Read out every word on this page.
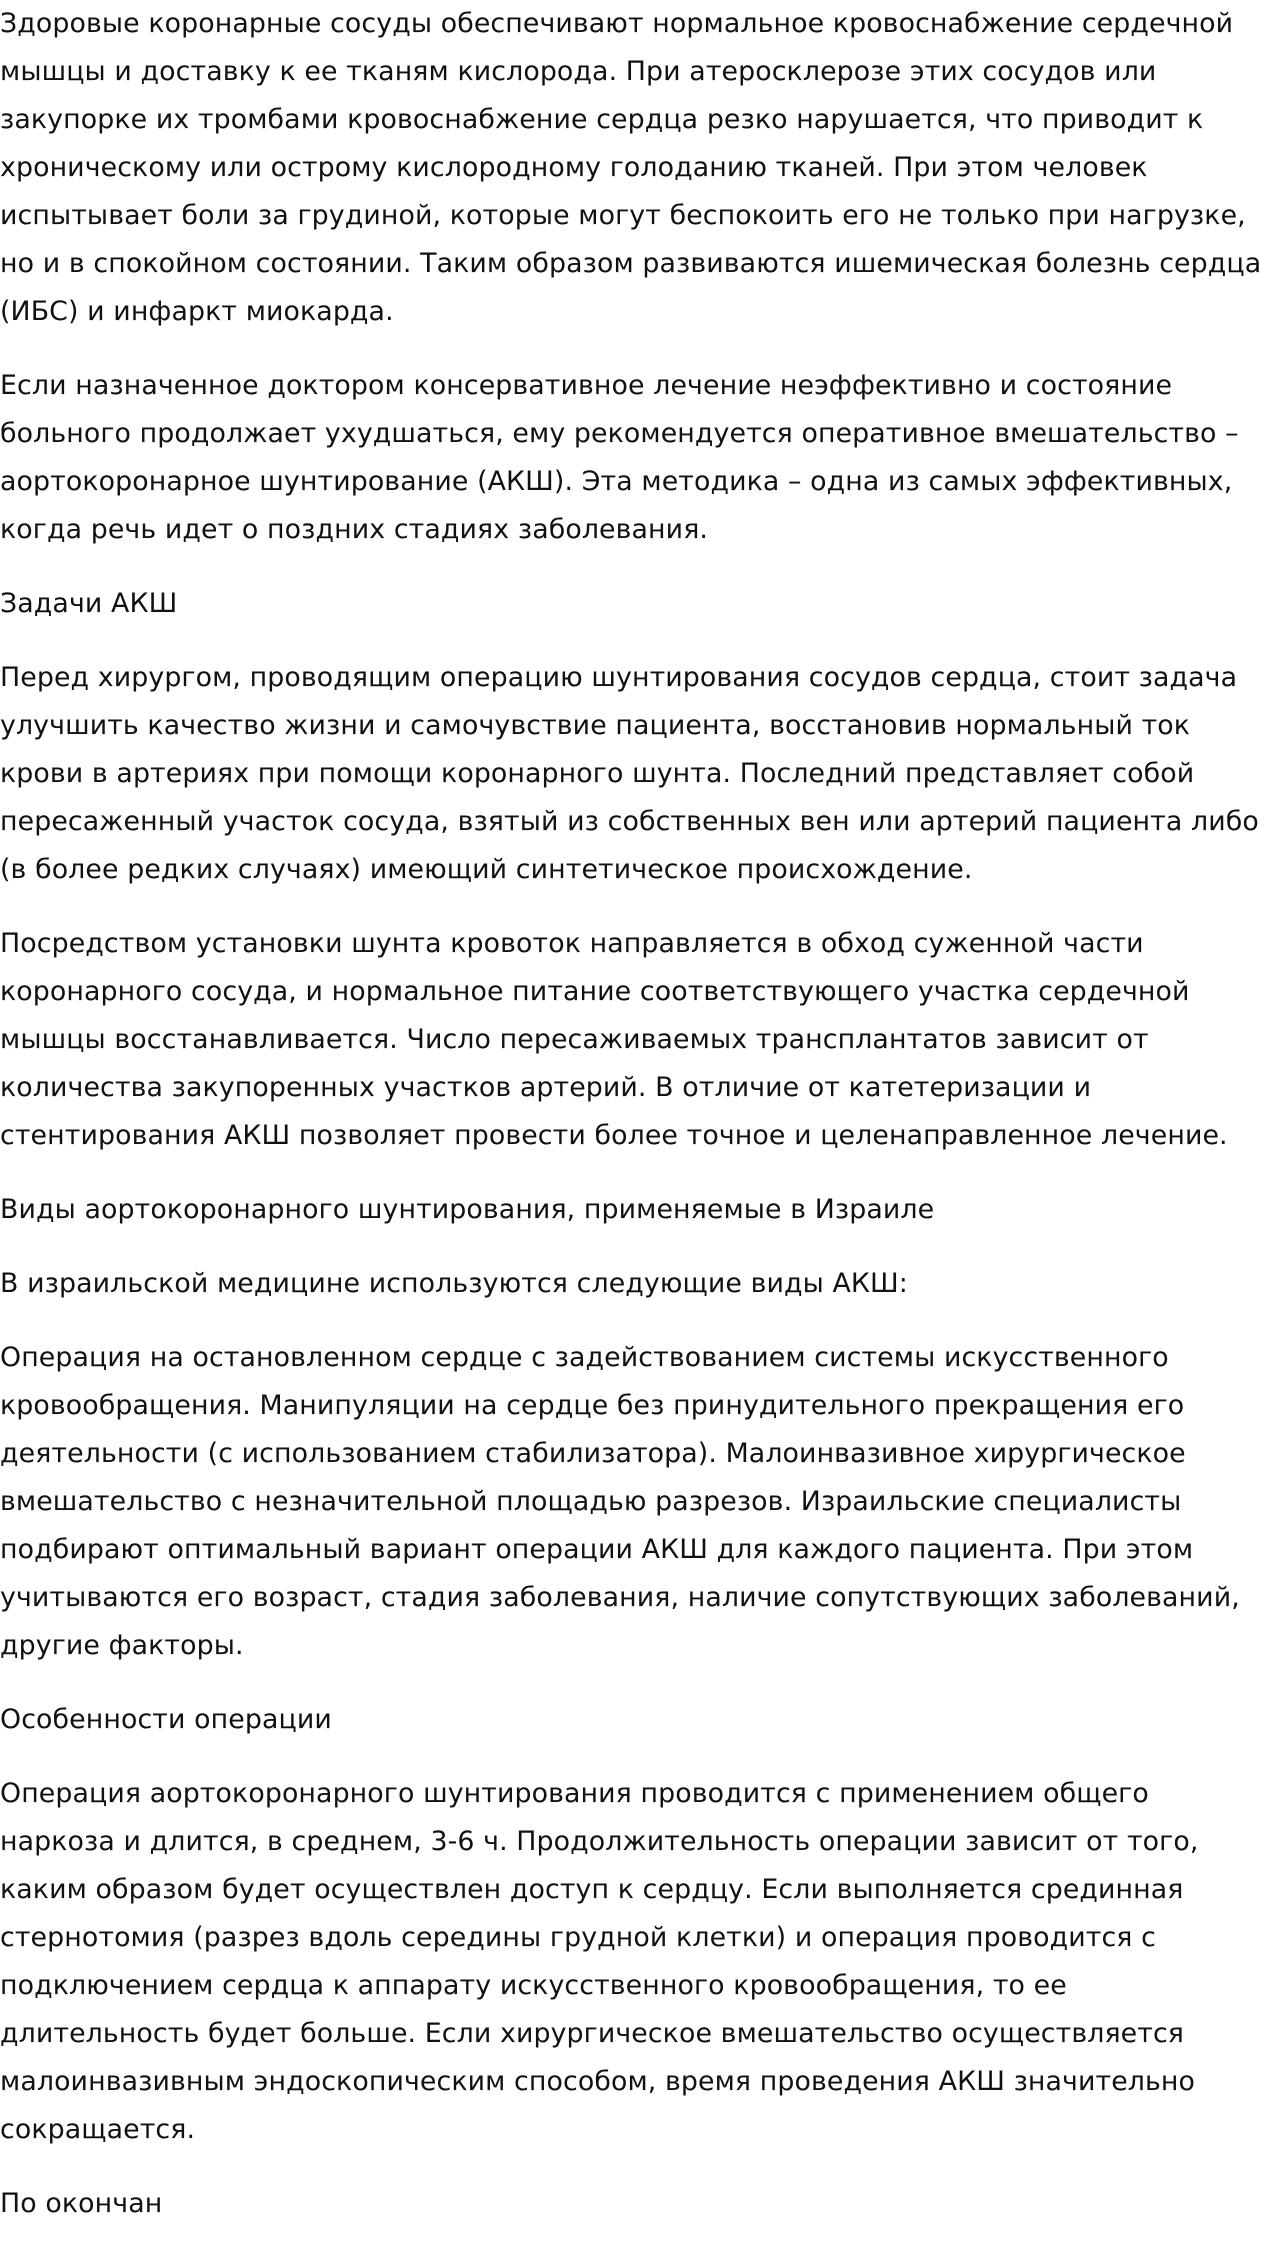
Здоровые коронарные сосуды обеспечивают нормальное кровоснабжение сердечной мышцы и доставку к ее тканям кислорода. При атеросклерозе этих сосудов или закупорке их тромбами кровоснабжение сердца резко нарушается, что приводит к хроническому или острому кислородному голоданию тканей. При этом человек испытывает боли за грудиной, которые могут беспокоить его не только при нагрузке, но и в спокойном состоянии. Таким образом развиваются ишемическая болезнь сердца (ИБС) и инфаркт миокарда.

Если назначенное доктором консервативное лечение неэффективно и состояние больного продолжает ухудшаться, ему рекомендуется оперативное вмешательство – аортокоронарное шунтирование (АКШ). Эта методика – одна из самых эффективных, когда речь идет о поздних стадиях заболевания.

Задачи АКШ

Перед хирургом, проводящим операцию шунтирования сосудов сердца, стоит задача улучшить качество жизни и самочувствие пациента, восстановив нормальный ток крови в артериях при помощи коронарного шунта. Последний представляет собой пересаженный участок сосуда, взятый из собственных вен или артерий пациента либо (в более редких случаях) имеющий синтетическое происхождение.

Посредством установки шунта кровоток направляется в обход суженной части коронарного сосуда, и нормальное питание соответствующего участка сердечной мышцы восстанавливается. Число пересаживаемых трансплантатов зависит от количества закупоренных участков артерий. В отличие от катетеризации и стентирования АКШ позволяет провести более точное и целенаправленное лечение.

Виды аортокоронарного шунтирования, применяемые в Израиле

В израильской медицине используются следующие виды АКШ:

Операция на остановленном сердце с задействованием системы искусственного кровообращения. Манипуляции на сердце без принудительного прекращения его деятельности (с использованием стабилизатора). Малоинвазивное хирургическое вмешательство с незначительной площадью разрезов. Израильские специалисты подбирают оптимальный вариант операции АКШ для каждого пациента. При этом учитываются его возраст, стадия заболевания, наличие сопутствующих заболеваний, другие факторы.

Особенности операции

Операция аортокоронарного шунтирования проводится с применением общего наркоза и длится, в среднем, 3-6 ч. Продолжительность операции зависит от того, каким образом будет осуществлен доступ к сердцу. Если выполняется срединная стернотомия (разрез вдоль середины грудной клетки) и операция проводится с подключением сердца к аппарату искусственного кровообращения, то ее длительность будет больше. Если хирургическое вмешательство осуществляется малоинвазивным эндоскопическим способом, время проведения АКШ значительно сокращается.

По окончан
